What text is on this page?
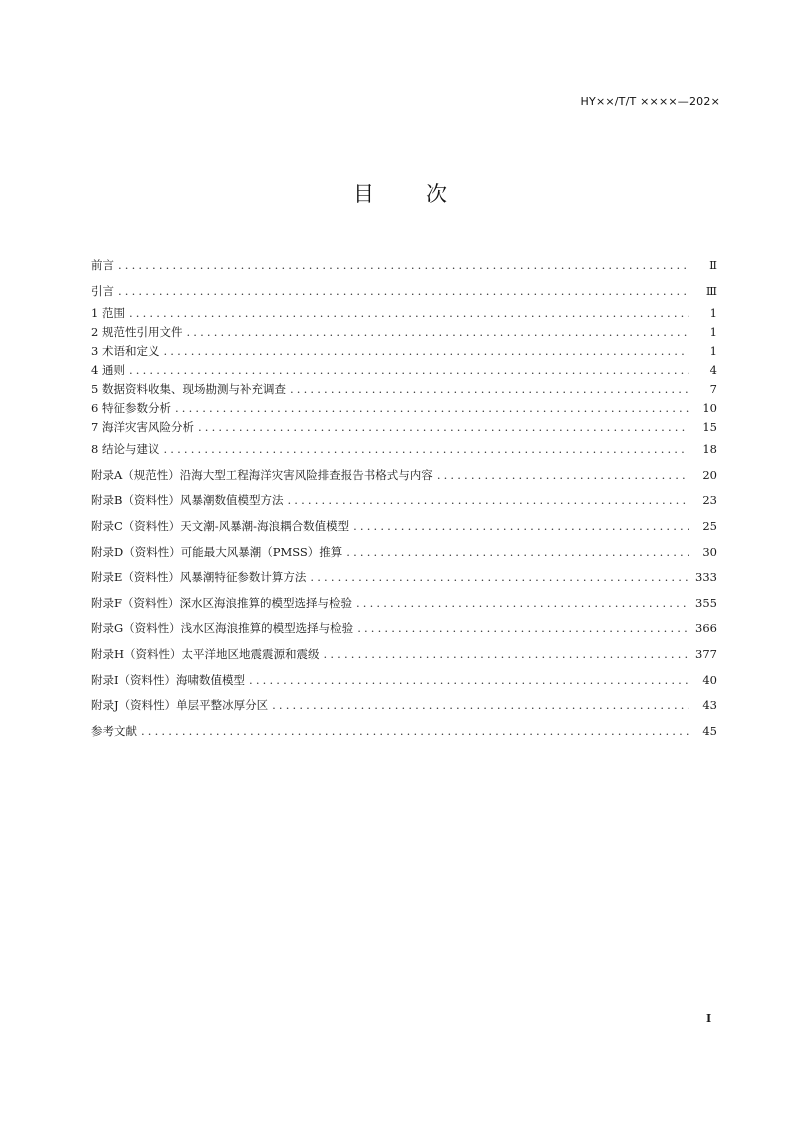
HY××/T/T ××××—202×
目 次
前言 . . .	Ⅱ
引言 . . .	Ⅲ
1 范围 . . .	1
2 规范性引用文件 . . .	1
3 术语和定义 . . .	1
4 通则 . . .	4
5 数据资料收集、现场勘测与补充调查 . . .	7
6 特征参数分析 . . .	10
7 海洋灾害风险分析 . . .	15
8 结论与建议 . . .	18
附录A（规范性）沿海大型工程海洋灾害风险排查报告书格式与内容 . . .	20
附录B（资料性）风暴潮数值模型方法 . . .	23
附录C（资料性）天文潮-风暴潮-海浪耦合数值模型 . . .	25
附录D（资料性）可能最大风暴潮（PMSS）推算 . . .	30
附录E（资料性）风暴潮特征参数计算方法 . . .	333
附录F（资料性）深水区海浪推算的模型选择与检验 . . .	355
附录G（资料性）浅水区海浪推算的模型选择与检验 . . .	366
附录H（资料性）太平洋地区地震震源和震级 . . .	377
附录I（资料性）海啸数值模型 . . .	40
附录J（资料性）单层平整冰厚分区 . . .	43
参考文献 . . .	45
I
